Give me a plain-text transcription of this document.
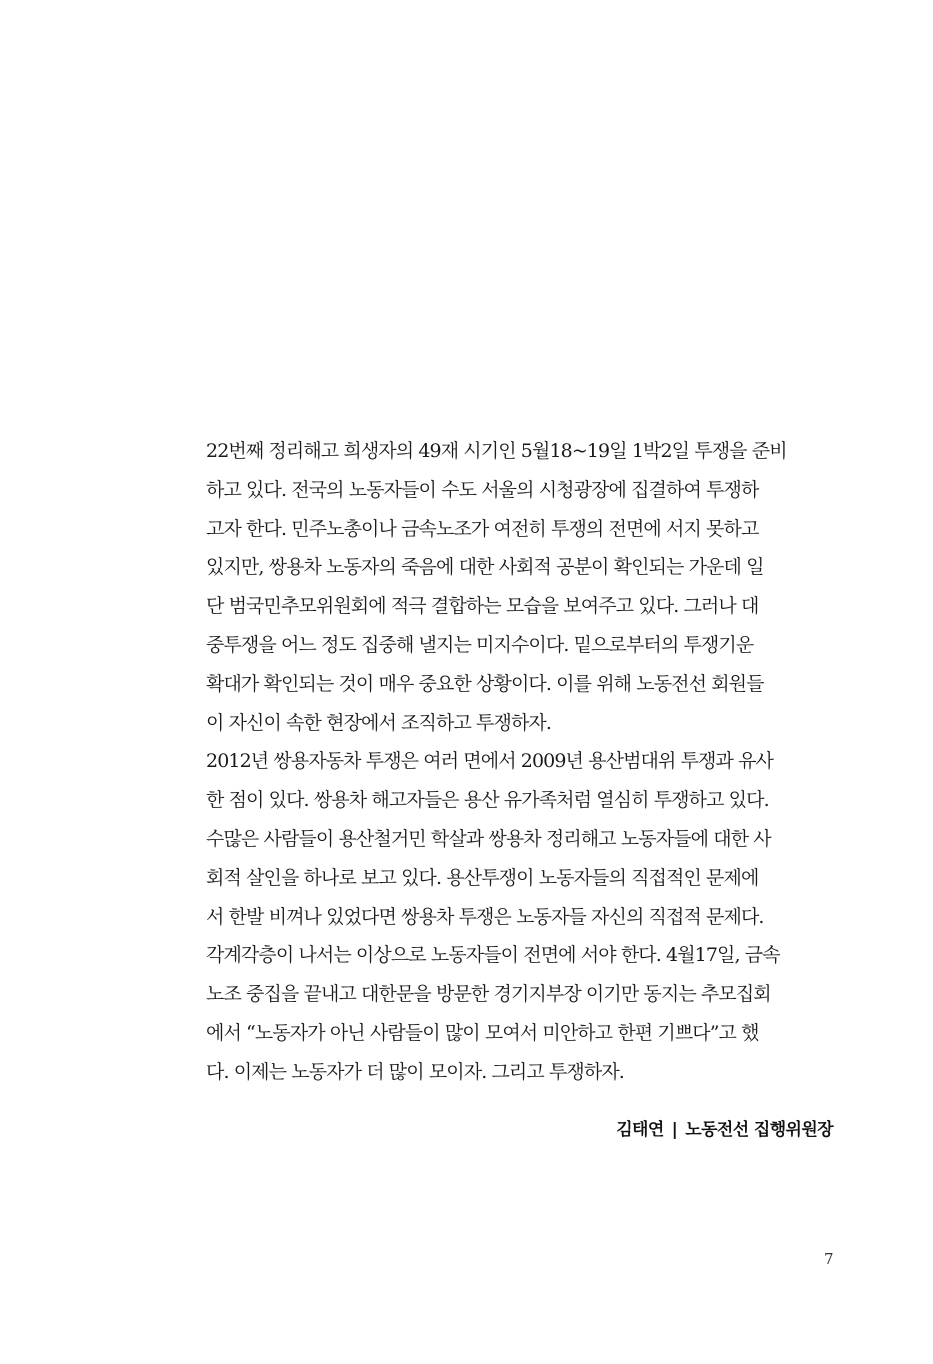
22번째 정리해고 희생자의 49재 시기인 5월18~19일 1박2일 투쟁을 준비
하고 있다. 전국의 노동자들이 수도 서울의 시청광장에 집결하여 투쟁하
고자 한다. 민주노총이나 금속노조가 여전히 투쟁의 전면에 서지 못하고
있지만, 쌍용차 노동자의 죽음에 대한 사회적 공분이 확인되는 가운데 일
단 범국민추모위원회에 적극 결합하는 모습을 보여주고 있다. 그러나 대
중투쟁을 어느 정도 집중해 낼지는 미지수이다. 밑으로부터의 투쟁기운
확대가 확인되는 것이 매우 중요한 상황이다. 이를 위해 노동전선 회원들
이 자신이 속한 현장에서 조직하고 투쟁하자.
2012년 쌍용자동차 투쟁은 여러 면에서 2009년 용산범대위 투쟁과 유사
한 점이 있다. 쌍용차 해고자들은 용산 유가족처럼 열심히 투쟁하고 있다.
수많은 사람들이 용산철거민 학살과 쌍용차 정리해고 노동자들에 대한 사
회적 살인을 하나로 보고 있다. 용산투쟁이 노동자들의 직접적인 문제에
서 한발 비껴나 있었다면 쌍용차 투쟁은 노동자들 자신의 직접적 문제다.
각계각층이 나서는 이상으로 노동자들이 전면에 서야 한다. 4월17일, 금속
노조 중집을 끝내고 대한문을 방문한 경기지부장 이기만 동지는 추모집회
에서 “노동자가 아닌 사람들이 많이 모여서 미안하고 한편 기쁘다”고 했
다. 이제는 노동자가 더 많이 모이자. 그리고 투쟁하자.
김태연 | 노동전선 집행위원장
7
